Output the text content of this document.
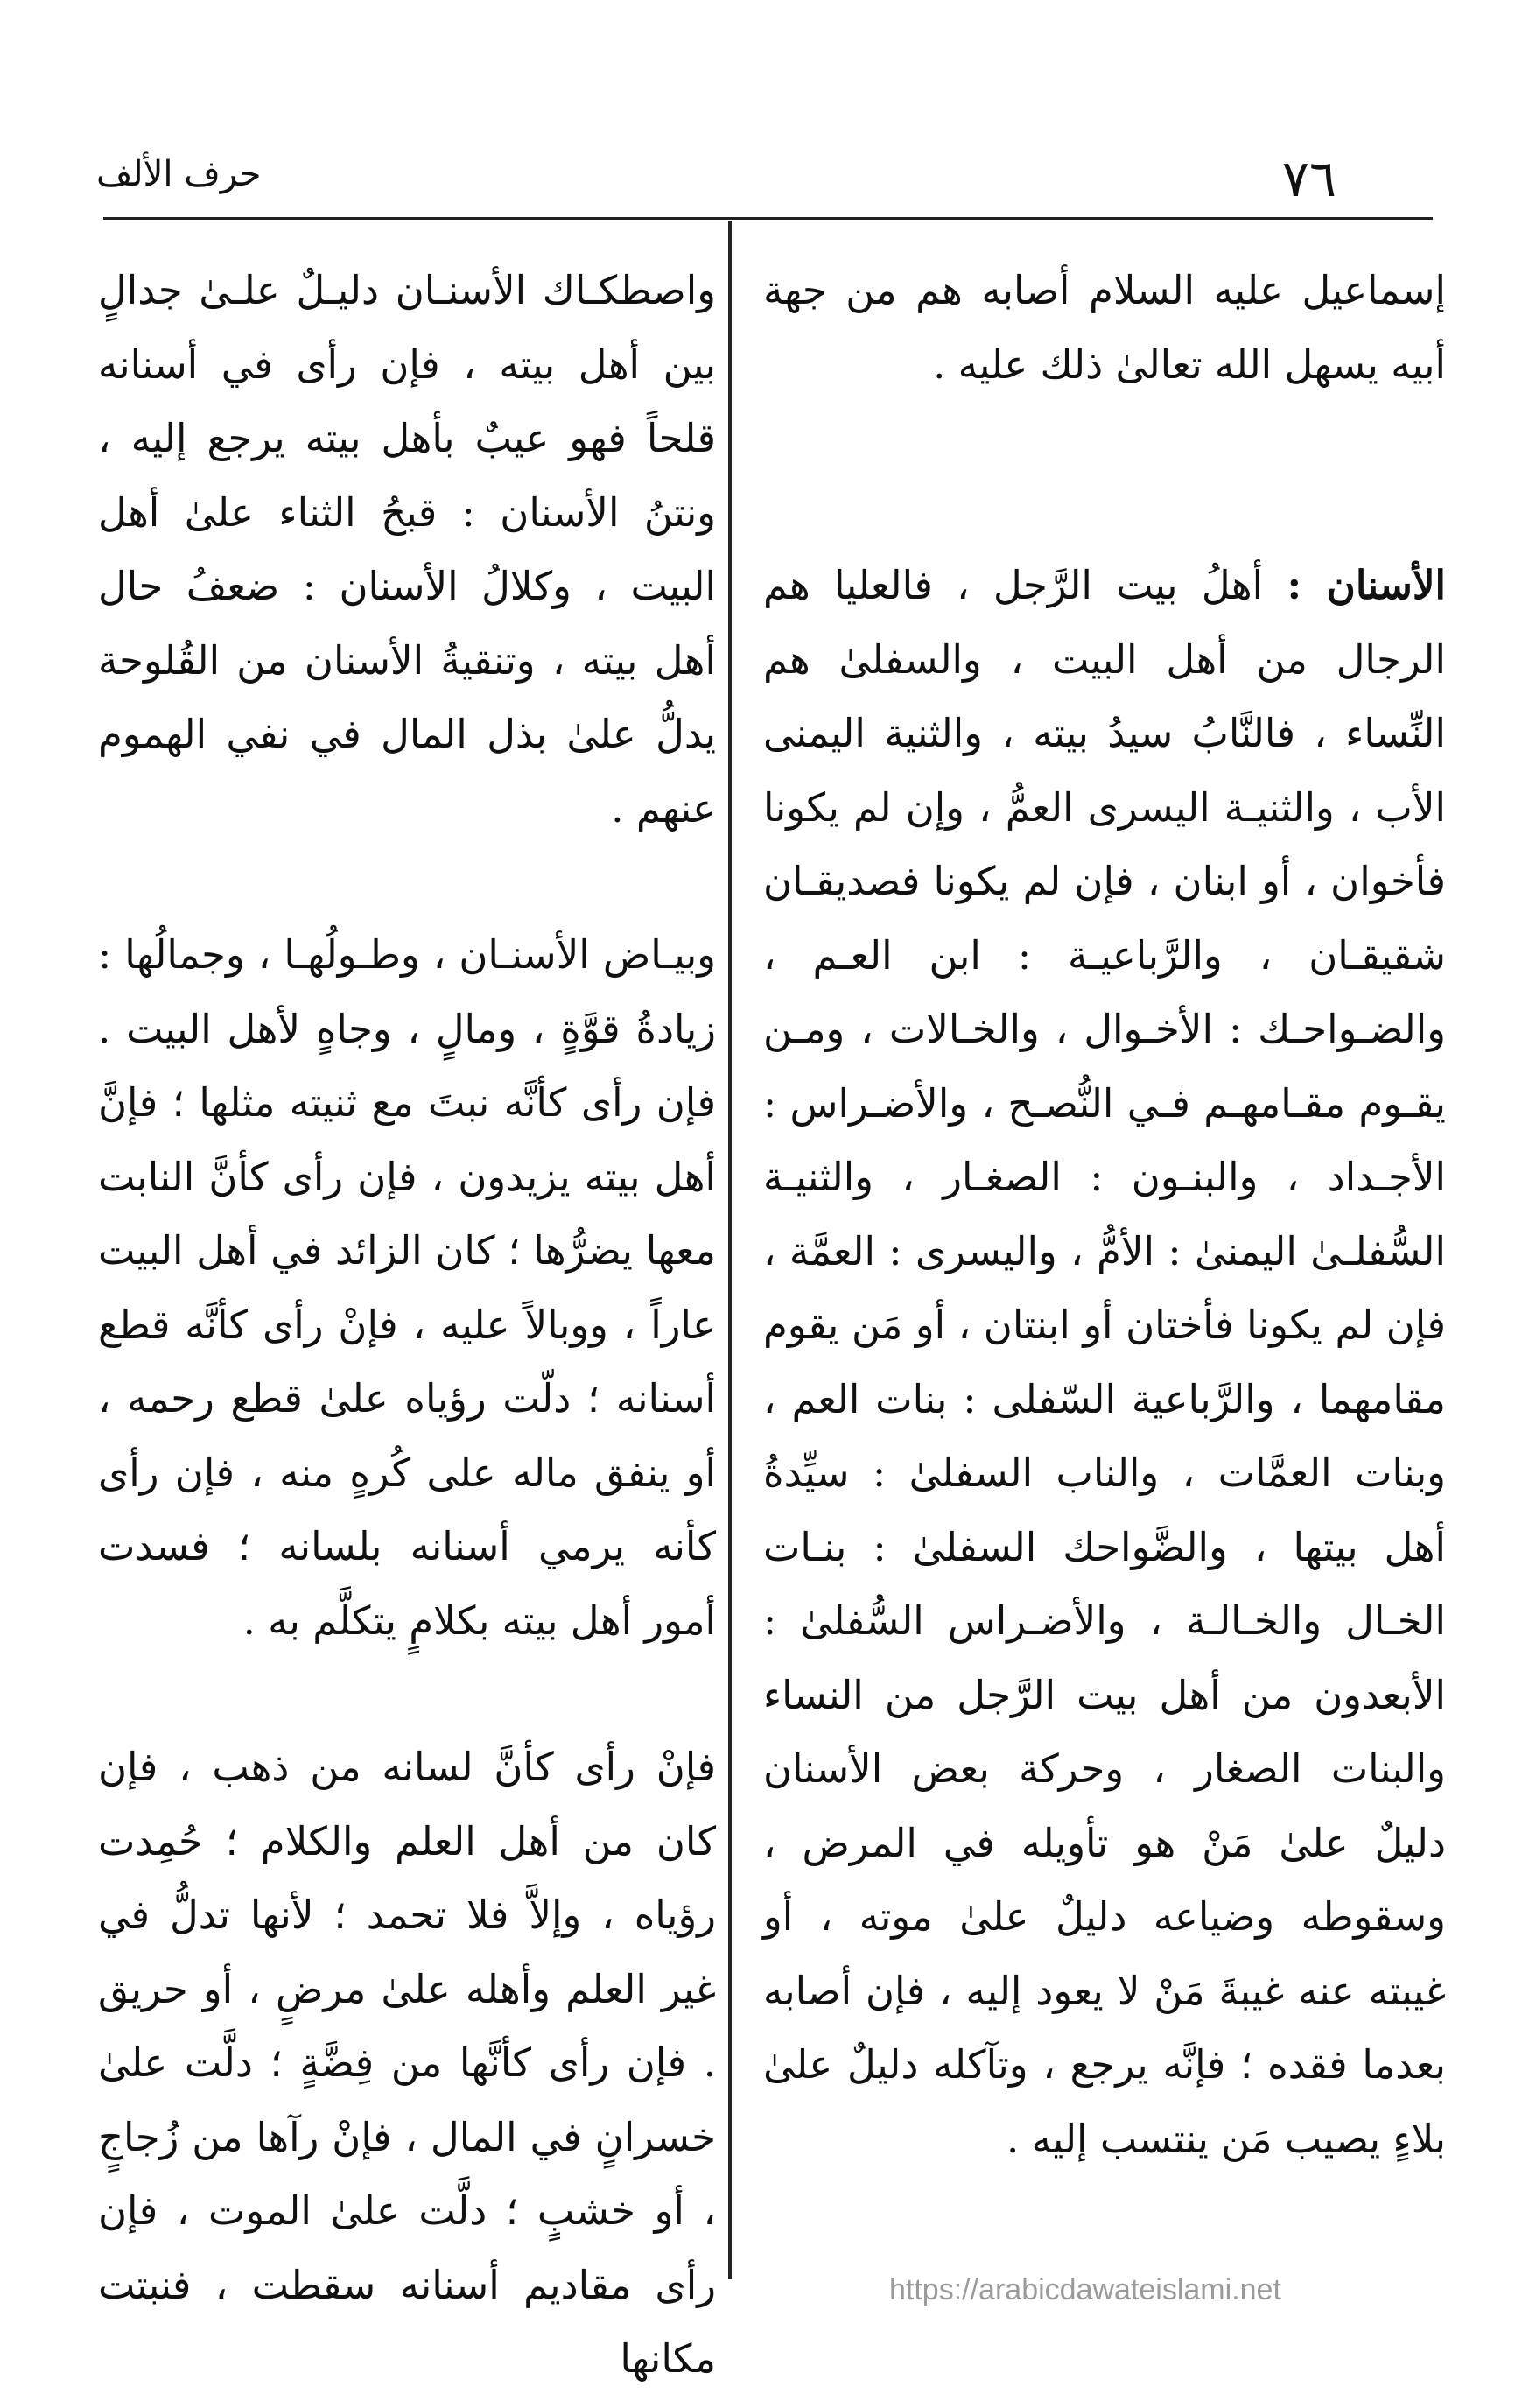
٧٦
حرف الألف

إسماعيل عليه السلام أصابه هم من جهة أبيه يسهل الله تعالىٰ ذلك عليه .

الأسنان : أهلُ بيت الرَّجل ، فالعليا هم الرجال من أهل البيت ، والسفلىٰ هم النِّساء ، فالنَّابُ سيدُ بيته ، والثنية اليمنى الأب ، والثنيـة اليسرى العمُّ ، وإن لم يكونا فأخوان ، أو ابنان ، فإن لم يكونا فصديقـان شقيقـان ، والرَّباعيـة : ابن العـم ، والضـواحـك : الأخـوال ، والخـالات ، ومـن يقـوم مقـامهـم فـي النُّصـح ، والأضـراس : الأجـداد ، والبنـون : الصغـار ، والثنيـة السُّفلـىٰ اليمنىٰ : الأمُّ ، واليسرى : العمَّة ، فإن لم يكونا فأختان أو ابنتان ، أو مَن يقوم مقامهما ، والرَّباعية السّفلى : بنات العم ، وبنات العمَّات ، والناب السفلىٰ : سيِّدةُ أهل بيتها ، والضَّواحك السفلىٰ : بنـات الخـال والخـالـة ، والأضـراس السُّفلىٰ : الأبعدون من أهل بيت الرَّجل من النساء والبنات الصغار ، وحركة بعض الأسنان دليلٌ علىٰ مَنْ هو تأويله في المرض ، وسقوطه وضياعه دليلٌ علىٰ موته ، أو غيبته عنه غيبةَ مَنْ لا يعود إليه ، فإن أصابه بعدما فقده ؛ فإنَّه يرجع ، وتآكله دليلٌ علىٰ بلاءٍ يصيب مَن ينتسب إليه .

واصطكـاك الأسنـان دليـلٌ علـىٰ جدالٍ بين أهل بيته ، فإن رأى في أسنانه قلحاً فهو عيبٌ بأهل بيته يرجع إليه ، ونتنُ الأسنان : قبحُ الثناء علىٰ أهل البيت ، وكلالُ الأسنان : ضعفُ حال أهل بيته ، وتنقيةُ الأسنان من القُلوحة يدلُّ علىٰ بذل المال في نفي الهموم عنهم .

وبيـاض الأسنـان ، وطـولُهـا ، وجمالُها : زيادةُ قوَّةٍ ، ومالٍ ، وجاهٍ لأهل البيت . فإن رأى كأنَّه نبتَ مع ثنيته مثلها ؛ فإنَّ أهل بيته يزيدون ، فإن رأى كأنَّ النابت معها يضرُّها ؛ كان الزائد في أهل البيت عاراً ، ووبالاً عليه ، فإنْ رأى كأنَّه قطع أسنانه ؛ دلّت رؤياه علىٰ قطع رحمه ، أو ينفق ماله على كُرهٍ منه ، فإن رأى كأنه يرمي أسنانه بلسانه ؛ فسدت أمور أهل بيته بكلامٍ يتكلَّم به .

فإنْ رأى كأنَّ لسانه من ذهب ، فإن كان من أهل العلم والكلام ؛ حُمِدت رؤياه ، وإلاَّ فلا تحمد ؛ لأنها تدلُّ في غير العلم وأهله علىٰ مرضٍ ، أو حريق . فإن رأى كأنَّها من فِضَّةٍ ؛ دلَّت علىٰ خسرانٍ في المال ، فإنْ رآها من زُجاجٍ ، أو خشبٍ ؛ دلَّت علىٰ الموت ، فإن رأى مقاديم أسنانه سقطت ، فنبتت مكانها

https://arabicdawateislami.net
